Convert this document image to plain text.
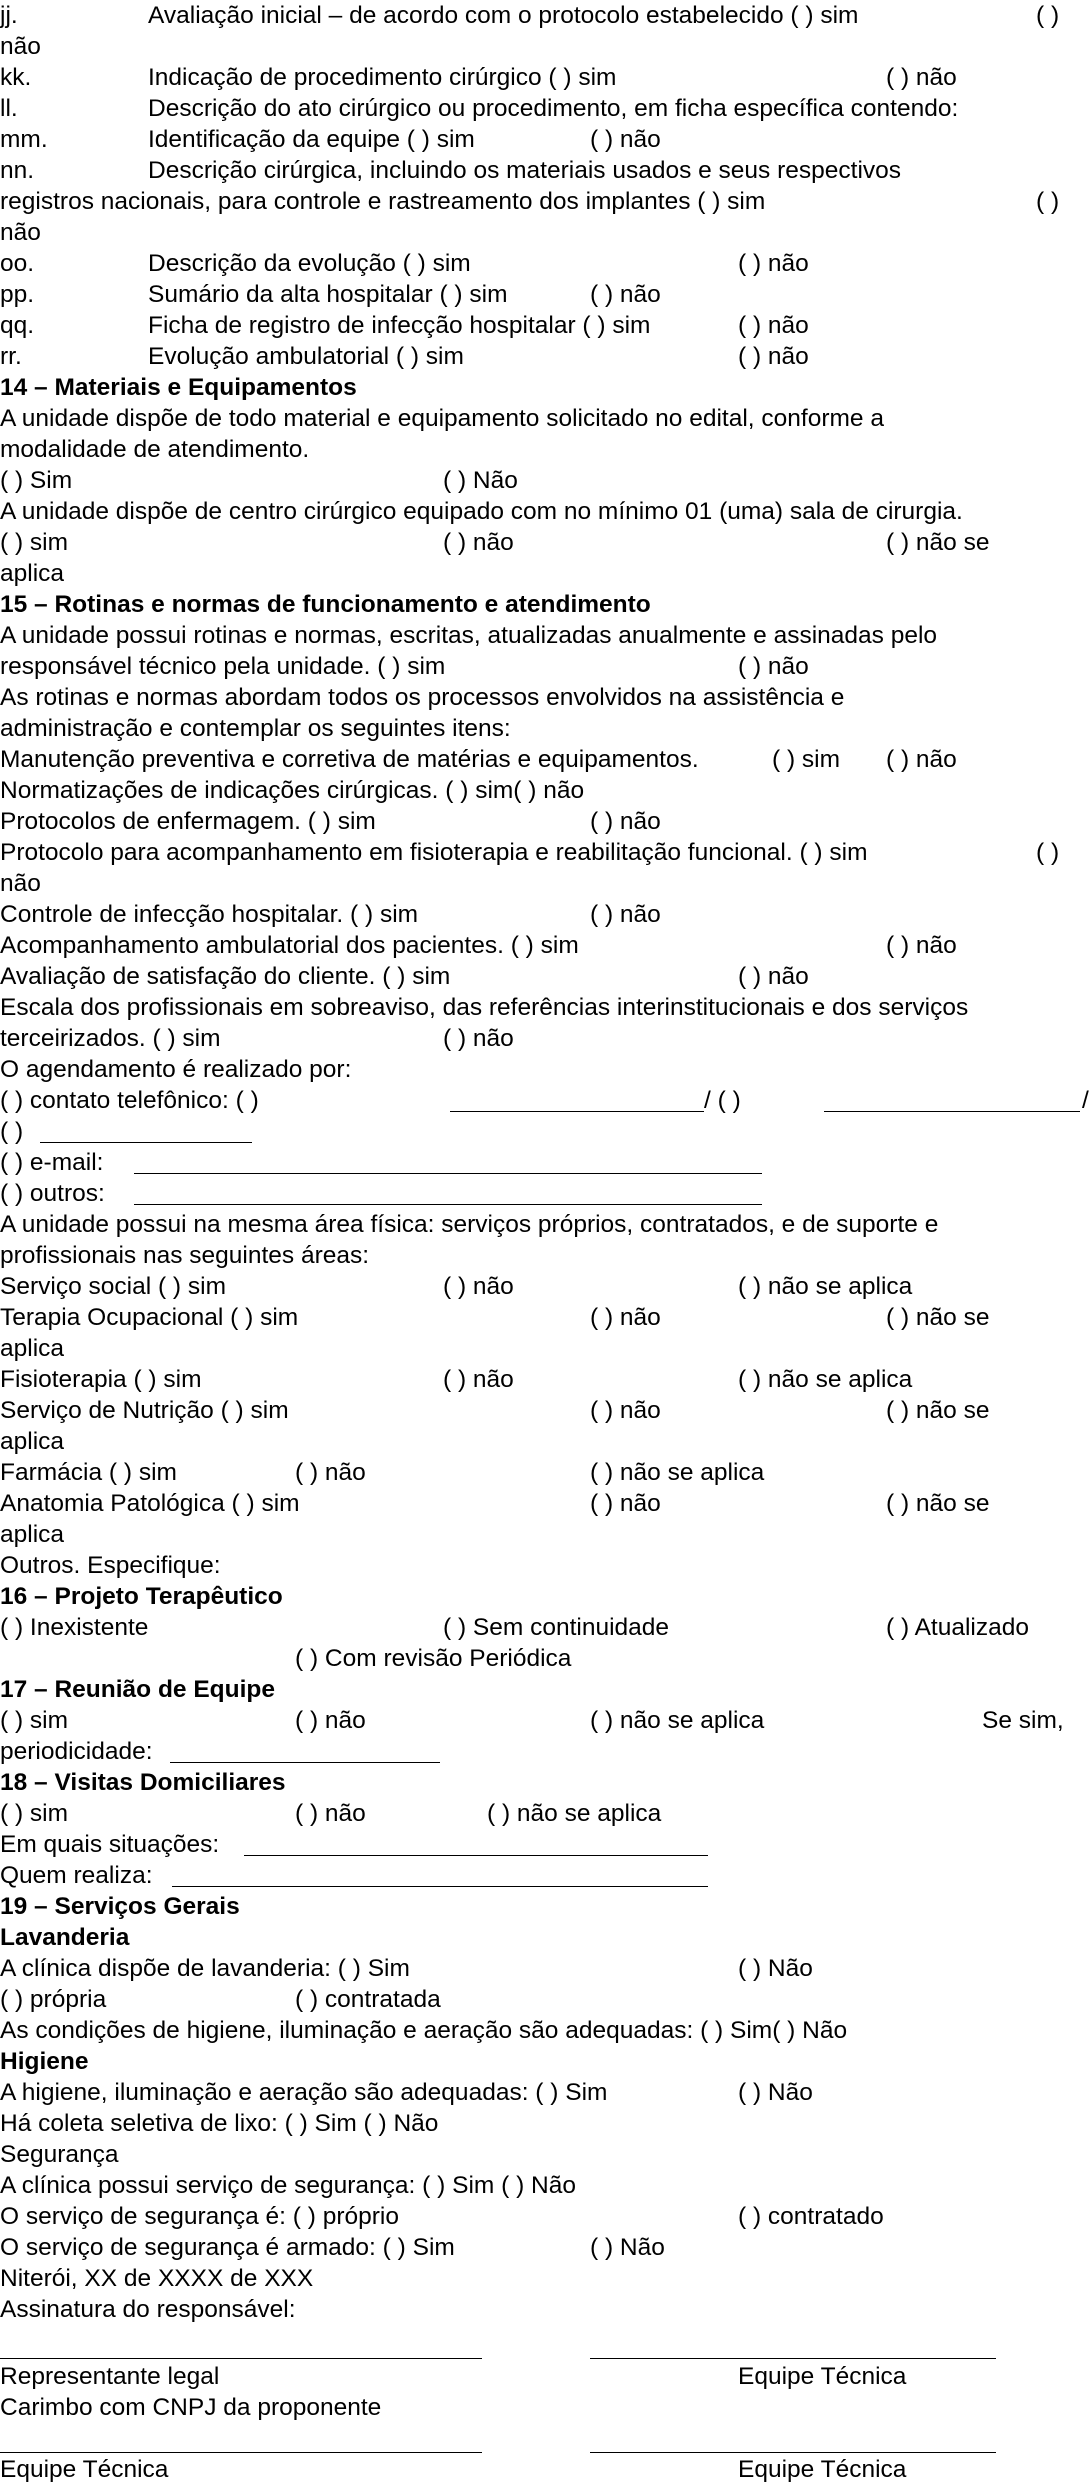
jj.	Avaliação inicial – de acordo com o protocolo estabelecido ( ) sim	( )
não
kk.	Indicação de procedimento cirúrgico ( ) sim	( ) não
ll.	Descrição do ato cirúrgico ou procedimento, em ficha específica contendo:
mm.	Identificação da equipe ( ) sim	( ) não
nn.	Descrição cirúrgica, incluindo os materiais usados e seus respectivos
registros nacionais, para controle e rastreamento dos implantes ( ) sim	( )
não
oo.	Descrição da evolução ( ) sim	( ) não
pp.	Sumário da alta hospitalar ( ) sim	( ) não
qq.	Ficha de registro de infecção hospitalar ( ) sim	( ) não
rr.	Evolução ambulatorial ( ) sim	( ) não
14 – Materiais e Equipamentos
A unidade dispõe de todo material e equipamento solicitado no edital, conforme a
modalidade de atendimento.
( ) Sim	( ) Não
A unidade dispõe de centro cirúrgico equipado com no mínimo 01 (uma) sala de cirurgia.
( ) sim	( ) não	( ) não se
aplica
15 – Rotinas e normas de funcionamento e atendimento
A unidade possui rotinas e normas, escritas, atualizadas anualmente e assinadas pelo
responsável técnico pela unidade. ( ) sim	( ) não
As rotinas e normas abordam todos os processos envolvidos na assistência e
administração e contemplar os seguintes itens:
Manutenção preventiva e corretiva de matérias e equipamentos.	( ) sim ( ) não
Normatizações de indicações cirúrgicas. ( ) sim( ) não
Protocolos de enfermagem. ( ) sim	( ) não
Protocolo para acompanhamento em fisioterapia e reabilitação funcional. ( ) sim	( )
não
Controle de infecção hospitalar. ( ) sim	( ) não
Acompanhamento ambulatorial dos pacientes. ( ) sim	( ) não
Avaliação de satisfação do cliente. ( ) sim	( ) não
Escala dos profissionais em sobreaviso, das referências interinstitucionais e dos serviços
terceirizados. ( ) sim	( ) não
O agendamento é realizado por:
( ) contato telefônico: ( )	/ ( )	/
( )
( ) e-mail:
( ) outros:
A unidade possui na mesma área física: serviços próprios, contratados, e de suporte e
profissionais nas seguintes áreas:
Serviço social ( ) sim	( ) não	( ) não se aplica
Terapia Ocupacional ( ) sim	( ) não	( ) não se
aplica
Fisioterapia ( ) sim	( ) não	( ) não se aplica
Serviço de Nutrição ( ) sim	( ) não	( ) não se
aplica
Farmácia ( ) sim	( ) não	( ) não se aplica
Anatomia Patológica ( ) sim	( ) não	( ) não se
aplica
Outros. Especifique:
16 – Projeto Terapêutico
( ) Inexistente	( ) Sem continuidade	( ) Atualizado
( ) Com revisão Periódica
17 – Reunião de Equipe
( ) sim	( ) não	( ) não se aplica	Se sim,
periodicidade:
18 – Visitas Domiciliares
( ) sim	( ) não	( ) não se aplica
Em quais situações:
Quem realiza:
19 – Serviços Gerais
Lavanderia
A clínica dispõe de lavanderia: ( ) Sim	( ) Não
( ) própria	( ) contratada
As condições de higiene, iluminação e aeração são adequadas: ( ) Sim( ) Não
Higiene
A higiene, iluminação e aeração são adequadas: ( ) Sim	( ) Não
Há coleta seletiva de lixo: ( ) Sim ( ) Não
Segurança
A clínica possui serviço de segurança: ( ) Sim ( ) Não
O serviço de segurança é: ( ) próprio	( ) contratado
O serviço de segurança é armado: ( ) Sim	( ) Não
Niterói, XX de XXXX de XXX
Assinatura do responsável:
Representante legal	Equipe Técnica
Carimbo com CNPJ da proponente
Equipe Técnica	Equipe Técnica
